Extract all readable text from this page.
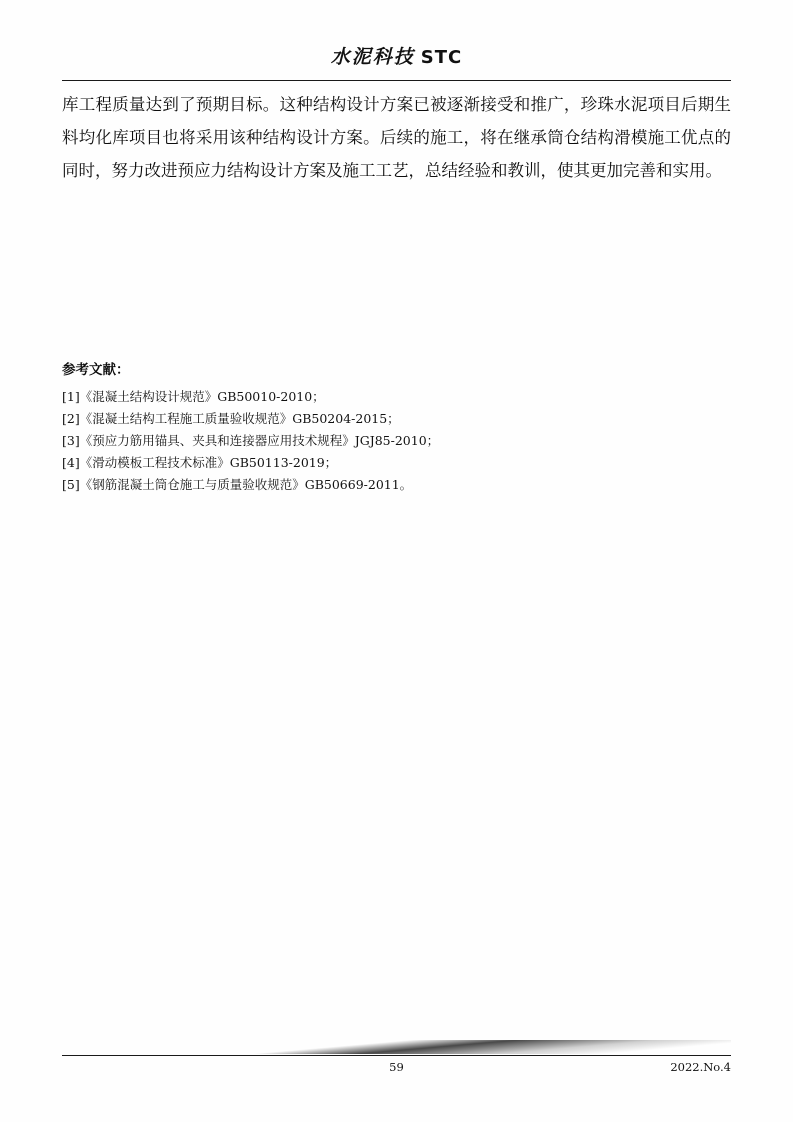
水泥科技 STC
库工程质量达到了预期目标。这种结构设计方案已被逐渐接受和推广，珍珠水泥项目后期生料均化库项目也将采用该种结构设计方案。后续的施工，将在继承筒仓结构滑模施工优点的同时，努力改进预应力结构设计方案及施工工艺，总结经验和教训，使其更加完善和实用。
参考文献：
[1]《混凝土结构设计规范》GB50010-2010；
[2]《混凝土结构工程施工质量验收规范》GB50204-2015；
[3]《预应力筋用锚具、夹具和连接器应用技术规程》JGJ85-2010；
[4]《滑动模板工程技术标准》GB50113-2019；
[5]《钢筋混凝土筒仓施工与质量验收规范》GB50669-2011。
59	2022.No.4
